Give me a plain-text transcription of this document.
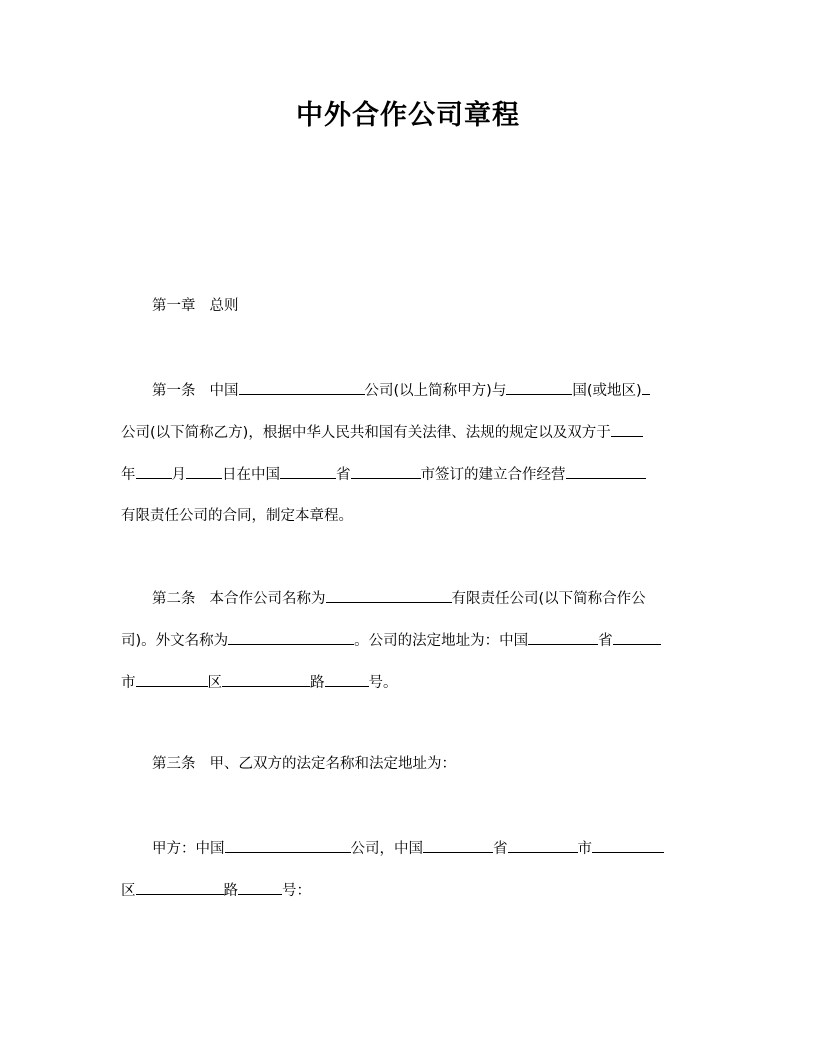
中外合作公司章程
第一章 总则
第一条 中国	公司(以上简称甲方)与	国(或地区)
公司(以下简称乙方)，根据中华人民共和国有关法律、法规的规定以及双方于
年 月 日在中国	省	市签订的建立合作经营
有限责任公司的合同，制定本章程。
第二条 本合作公司名称为	有限责任公司(以下简称合作公
司)。外文名称为	。公司的法定地址为：中国	省
市	区	路	号。
第三条 甲、乙双方的法定名称和法定地址为：
甲方：中国	公司，中国	省	市
区	路	号：
